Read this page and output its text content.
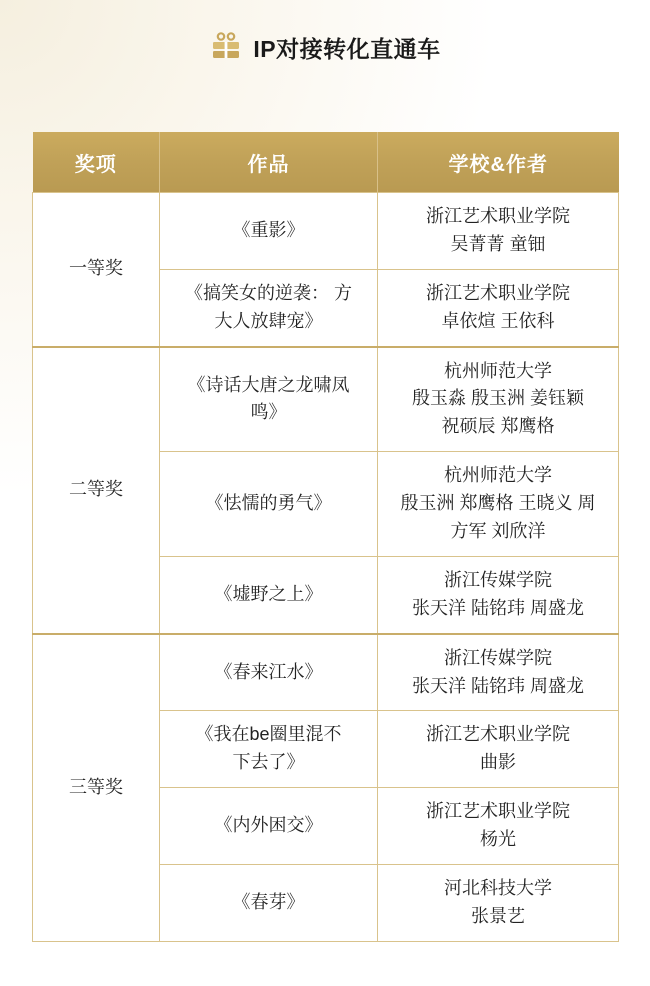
IP对接转化直通车
奖项	作品	学校&作者
一等奖	《重影》	浙江艺术职业学院
吴菁菁 童钿

	《搞笑女的逆袭： 方
大人放肆宠》	浙江艺术职业学院
卓依煊 王依科

二等奖	《诗话大唐之龙啸凤
鸣》	杭州师范大学
殷玉淼 殷玉洲 姜钰颖
祝硕辰 郑鹰格

	《怯懦的勇气》	杭州师范大学
殷玉洲 郑鹰格 王晓义 周
方军 刘欣洋

	《墟野之上》	浙江传媒学院
张天洋 陆铭玮 周盛龙

三等奖	《春来江水》	浙江传媒学院
张天洋 陆铭玮 周盛龙

	《我在be圈里混不
下去了》	浙江艺术职业学院
曲影

	《内外困交》	浙江艺术职业学院
杨光

	《春芽》	河北科技大学
张景艺
